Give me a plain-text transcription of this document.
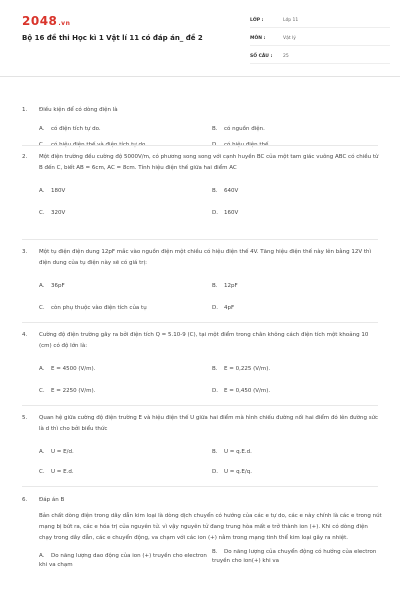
2048.vn
Bộ 16 đề thi Học kì 1 Vật lí 11 có đáp án_ đề 2
LỚP :	Lớp 11
MÔN :	Vật lý
SỐ CÂU :	25
1. Điều kiện để có dòng điện là
A. có điện tích tự do.	B. có nguồn điện.
C. có hiệu điện thế và điện tích tự do	D. có hiệu điện thế.
2. Một điện trường đều cường độ 5000V/m, có phương song song với cạnh huyền BC của một tam giác vuông ABC có chiều từ B đến C, biết AB = 6cm, AC = 8cm. Tính hiệu điện thế giữa hai điểm AC
A. 180V	B. 640V
C. 320V	D. 160V
3. Một tụ điện điện dung 12pF mắc vào nguồn điện một chiều có hiệu điện thế 4V. Tăng hiệu điện thế này lên bằng 12V thì điện dung của tụ điện này sẽ có giá trị:
A. 36pF	B. 12pF
C. còn phụ thuộc vào điện tích của tụ	D. 4pF
4. Cường độ điện trường gây ra bởi điện tích Q = 5.10-9 (C), tại một điểm trong chân không cách điện tích một khoảng 10 (cm) có độ lớn là:
A. E = 4500 (V/m).	B. E = 0,225 (V/m).
C. E = 2250 (V/m).	D. E = 0,450 (V/m).
5. Quan hệ giữa cường độ điện trường E và hiệu điện thế U giữa hai điểm mà hình chiếu đường nối hai điểm đó lên đường sức là d thì cho bởi biểu thức
A. U = E/d.	B. U = q.E.d.
C. U = E.d.	D. U = q.E/q.
6. Đáp án B
Bản chất dòng điện trong dây dẫn kim loại là dòng dịch chuyển có hướng của các e tự do, các e này chính là các e trong nút mạng bị bứt ra, các e hóa trị của nguyên tử. vì vậy nguyên tử đang trung hòa mất e trở thành ion (+). Khi có dòng điện chạy trong dây dẫn, các e chuyển động, va chạm với các ion (+) nằm trong mạng tinh thể kim loại gây ra nhiệt.
A. Do năng lượng dao động của ion (+) truyền cho electron khi va chạm
B. Do năng lượng của chuyển động có hướng của electron truyền cho ion(+) khi va
